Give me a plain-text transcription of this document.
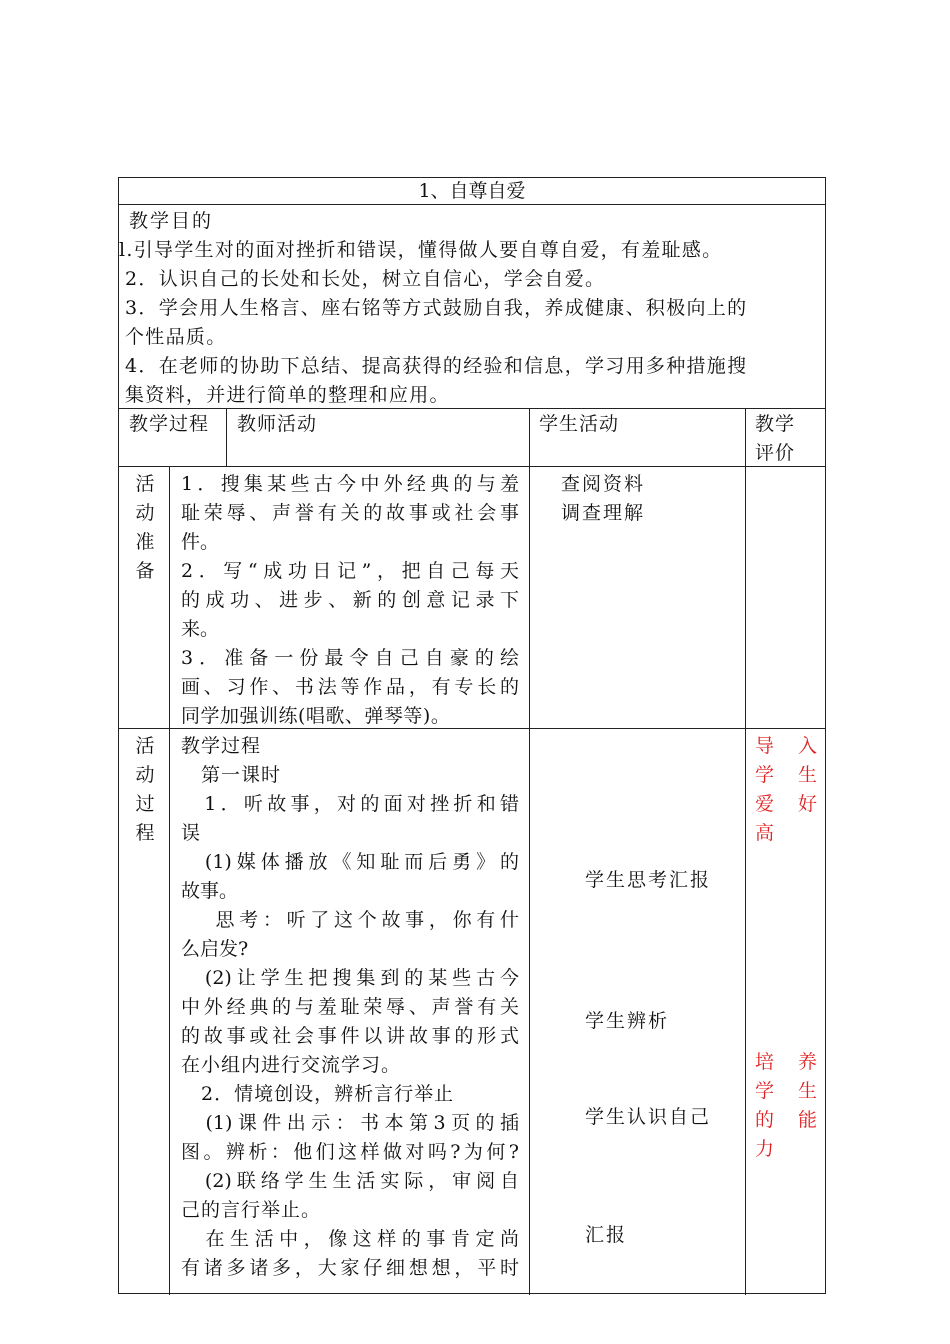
1、自尊自爱
教学目的
l.引导学生对的面对挫折和错误，懂得做人要自尊自爱，有羞耻感。
2．认识自己的长处和长处，树立自信心，学会自爱。
3．学会用人生格言、座右铭等方式鼓励自我，养成健康、积极向上的
个性品质。
4．在老师的协助下总结、提高获得的经验和信息，学习用多种措施搜
集资料，并进行简单的整理和应用。
教学过程 教师活动	学生活动	教学
评价
活动准备
1．搜集某些古今中外经典的与羞
耻荣辱、声誉有关的故事或社会事
件。
2．写“成功日记”，把自己每天
的成功、进步、新的创意记录下
来。
3．准备一份最令自己自豪的绘
画、习作、书法等作品，有专长的
同学加强训练(唱歌、弹琴等)。
查阅资料
调查理解
活动过程
教学过程
　第一课时
　1．听故事，对的面对挫折和错
误
　(1)媒体播放《知耻而后勇》的
故事。
　 思考：听了这个故事，你有什
么启发?
　(2)让学生把搜集到的某些古今
中外经典的与羞耻荣辱、声誉有关
的故事或社会事件以讲故事的形式
在小组内进行交流学习。
　2．情境创设，辨析言行举止
　(1)课件出示：书本第3页的插
图。辨析：他们这样做对吗?为何?
　(2)联络学生生活实际，审阅自
己的言行举止。
　在生活中，像这样的事肯定尚
有诸多诸多，大家仔细想想，平时
学生思考汇报
学生辨析
学生认识自己
汇报
导 入
学 生
爱 好
高
培 养
学 生
的 能
力
